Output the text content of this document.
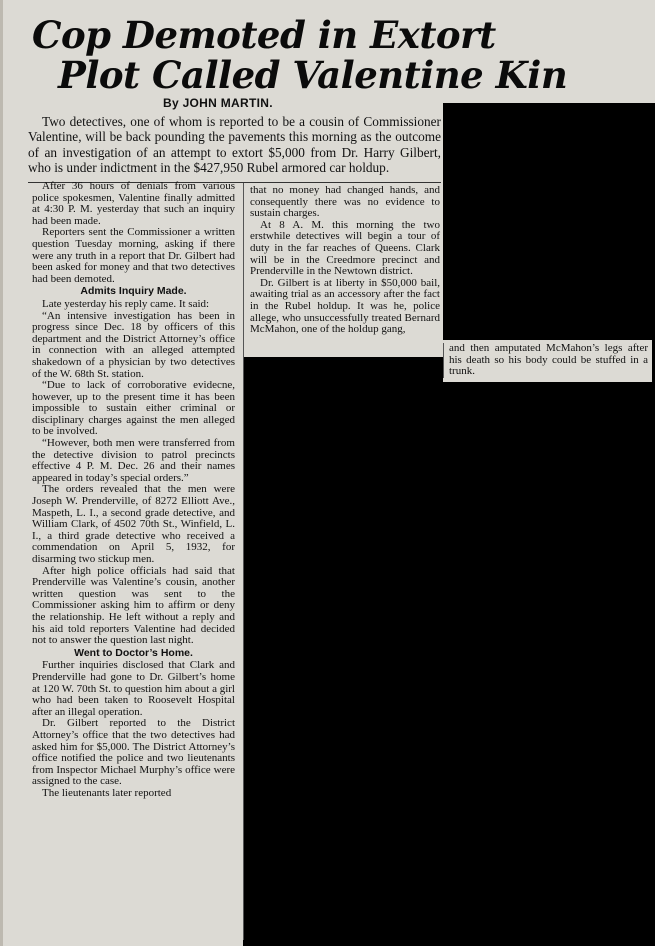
Cop Demoted in Extort
Plot Called Valentine Kin
By JOHN MARTIN.

Two detectives, one of whom is reported to be a cousin of Commissioner Valentine, will be back pounding the pavements this morning as the outcome of an investigation of an attempt to extort $5,000 from Dr. Harry Gilbert, who is under indictment in the $427,950 Rubel armored car holdup.

After 36 hours of denials from various police spokesmen, Valentine finally admitted at 4:30 P. M. yesterday that such an inquiry had been made.

Reporters sent the Commissioner a written question Tuesday morning, asking if there were any truth in a report that Dr. Gilbert had been asked for money and that two detectives had been demoted.

Admits Inquiry Made.

Late yesterday his reply came. It said:

“An intensive investigation has been in progress since Dec. 18 by officers of this department and the District Attorney’s office in connection with an alleged attempted shakedown of a physician by two detectives of the W. 68th St. station.

“Due to lack of corroborative evidecne, however, up to the present time it has been impossible to sustain either criminal or disciplinary charges against the men alleged to be involved.

“However, both men were transferred from the detective division to patrol precincts effective 4 P. M. Dec. 26 and their names appeared in today’s special orders.”

The orders revealed that the men were Joseph W. Prenderville, of 8272 Elliott Ave., Maspeth, L. I., a second grade detective, and William Clark, of 4502 70th St., Winfield, L. I., a third grade detective who received a commendation on April 5, 1932, for disarming two stickup men.

After high police officials had said that Prenderville was Valentine’s cousin, another written question was sent to the Commissioner asking him to affirm or deny the relationship. He left without a reply and his aid told reporters Valentine had decided not to answer the question last night.

Went to Doctor’s Home.

Further inquiries disclosed that Clark and Prenderville had gone to Dr. Gilbert’s home at 120 W. 70th St. to question him about a girl who had been taken to Roosevelt Hospital after an illegal operation.

Dr. Gilbert reported to the District Attorney’s office that the two detectives had asked him for $5,000. The District Attorney’s office notified the police and two lieutenants from Inspector Michael Murphy’s office were assigned to the case.

The lieutenants later reported

that no money had changed hands, and consequently there was no evidence to sustain charges.

At 8 A. M. this morning the two erstwhile detectives will begin a tour of duty in the far reaches of Queens. Clark will be in the Creedmore precinct and Prenderville in the Newtown district.

Dr. Gilbert is at liberty in $50,000 bail, awaiting trial as an accessory after the fact in the Rubel holdup. It was he, police allege, who unsuccessfully treated Bernard McMahon, one of the holdup gang,

and then amputated McMahon’s legs after his death so his body could be stuffed in a trunk.
